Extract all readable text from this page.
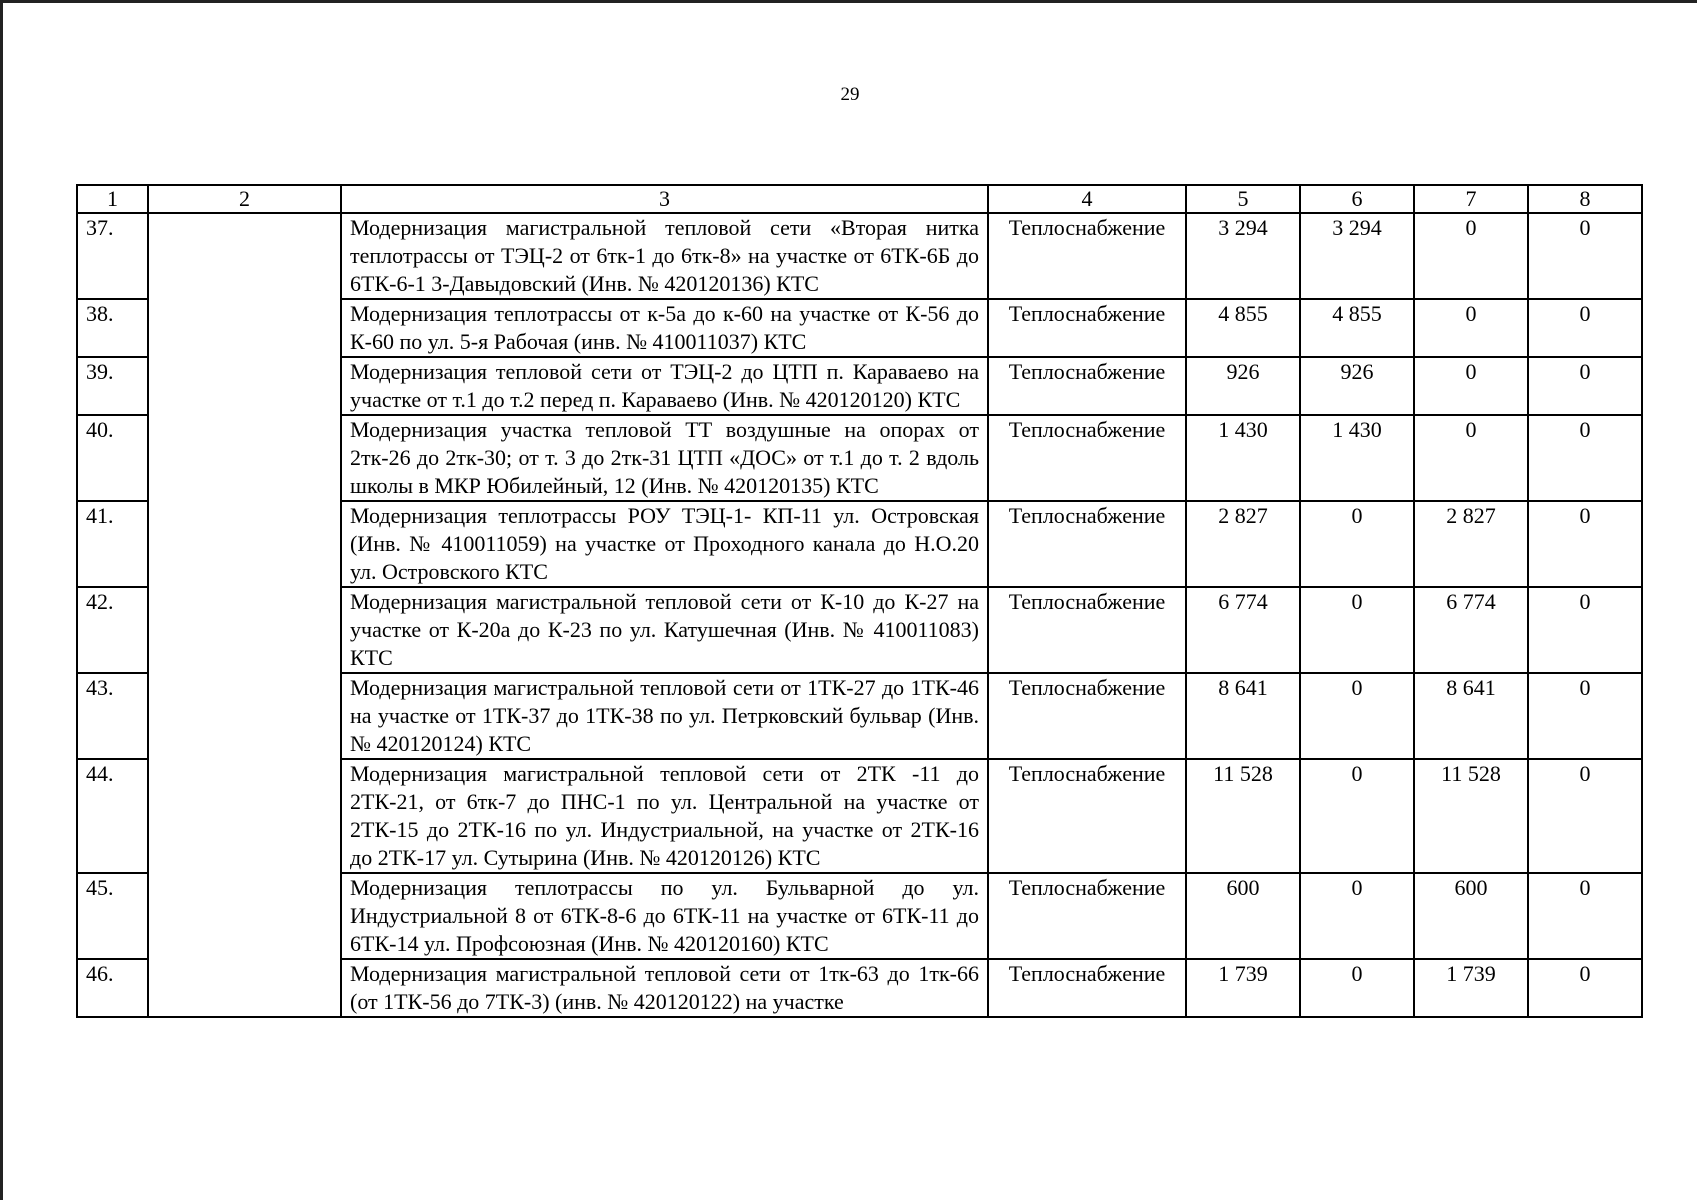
29
1	2	3	4	5	6	7	8
37.		Модернизация магистральной тепловой сети «Вторая нитка теплотрассы от ТЭЦ-2 от 6тк-1 до 6тк-8» на участке от 6ТК-6Б до 6ТК-6-1 3-Давыдовский (Инв. № 420120136) КТС	Теплоснабжение	3 294	3 294	0	0
38.		Модернизация теплотрассы от к-5а до к-60 на участке от К-56 до К-60 по ул. 5-я Рабочая (инв. № 410011037) КТС	Теплоснабжение	4 855	4 855	0	0
39.		Модернизация тепловой сети от ТЭЦ-2 до ЦТП п. Караваево на участке от т.1 до т.2 перед п. Караваево (Инв. № 420120120) КТС	Теплоснабжение	926	926	0	0
40.		Модернизация участка тепловой ТТ воздушные на опорах от 2тк-26 до 2тк-30; от т. 3 до 2тк-31 ЦТП «ДОС» от т.1 до т. 2 вдоль школы в МКР Юбилейный, 12 (Инв. № 420120135) КТС	Теплоснабжение	1 430	1 430	0	0
41.		Модернизация теплотрассы РОУ ТЭЦ-1- КП-11 ул. Островская (Инв. № 410011059) на участке от Проходного канала до Н.О.20 ул. Островского КТС	Теплоснабжение	2 827	0	2 827	0
42.		Модернизация магистральной тепловой сети от К-10 до К-27 на участке от К-20а до К-23 по ул. Катушечная (Инв. № 410011083) КТС	Теплоснабжение	6 774	0	6 774	0
43.		Модернизация магистральной тепловой сети от 1ТК-27 до 1ТК-46 на участке от 1ТК-37 до 1ТК-38 по ул. Петрковский бульвар (Инв. № 420120124) КТС	Теплоснабжение	8 641	0	8 641	0
44.		Модернизация магистральной тепловой сети от 2ТК -11 до 2ТК-21, от 6тк-7 до ПНС-1 по ул. Центральной на участке от 2ТК-15 до 2ТК-16 по ул. Индустриальной, на участке от 2ТК-16 до 2ТК-17 ул. Сутырина (Инв. № 420120126) КТС	Теплоснабжение	11 528	0	11 528	0
45.		Модернизация теплотрассы по ул. Бульварной до ул. Индустриальной 8 от 6ТК-8-6 до 6ТК-11 на участке от 6ТК-11 до 6ТК-14 ул. Профсоюзная (Инв. № 420120160) КТС	Теплоснабжение	600	0	600	0
46.		Модернизация магистральной тепловой сети от 1тк-63 до 1тк-66 (от 1ТК-56 до 7ТК-3) (инв. № 420120122) на участке	Теплоснабжение	1 739	0	1 739	0
